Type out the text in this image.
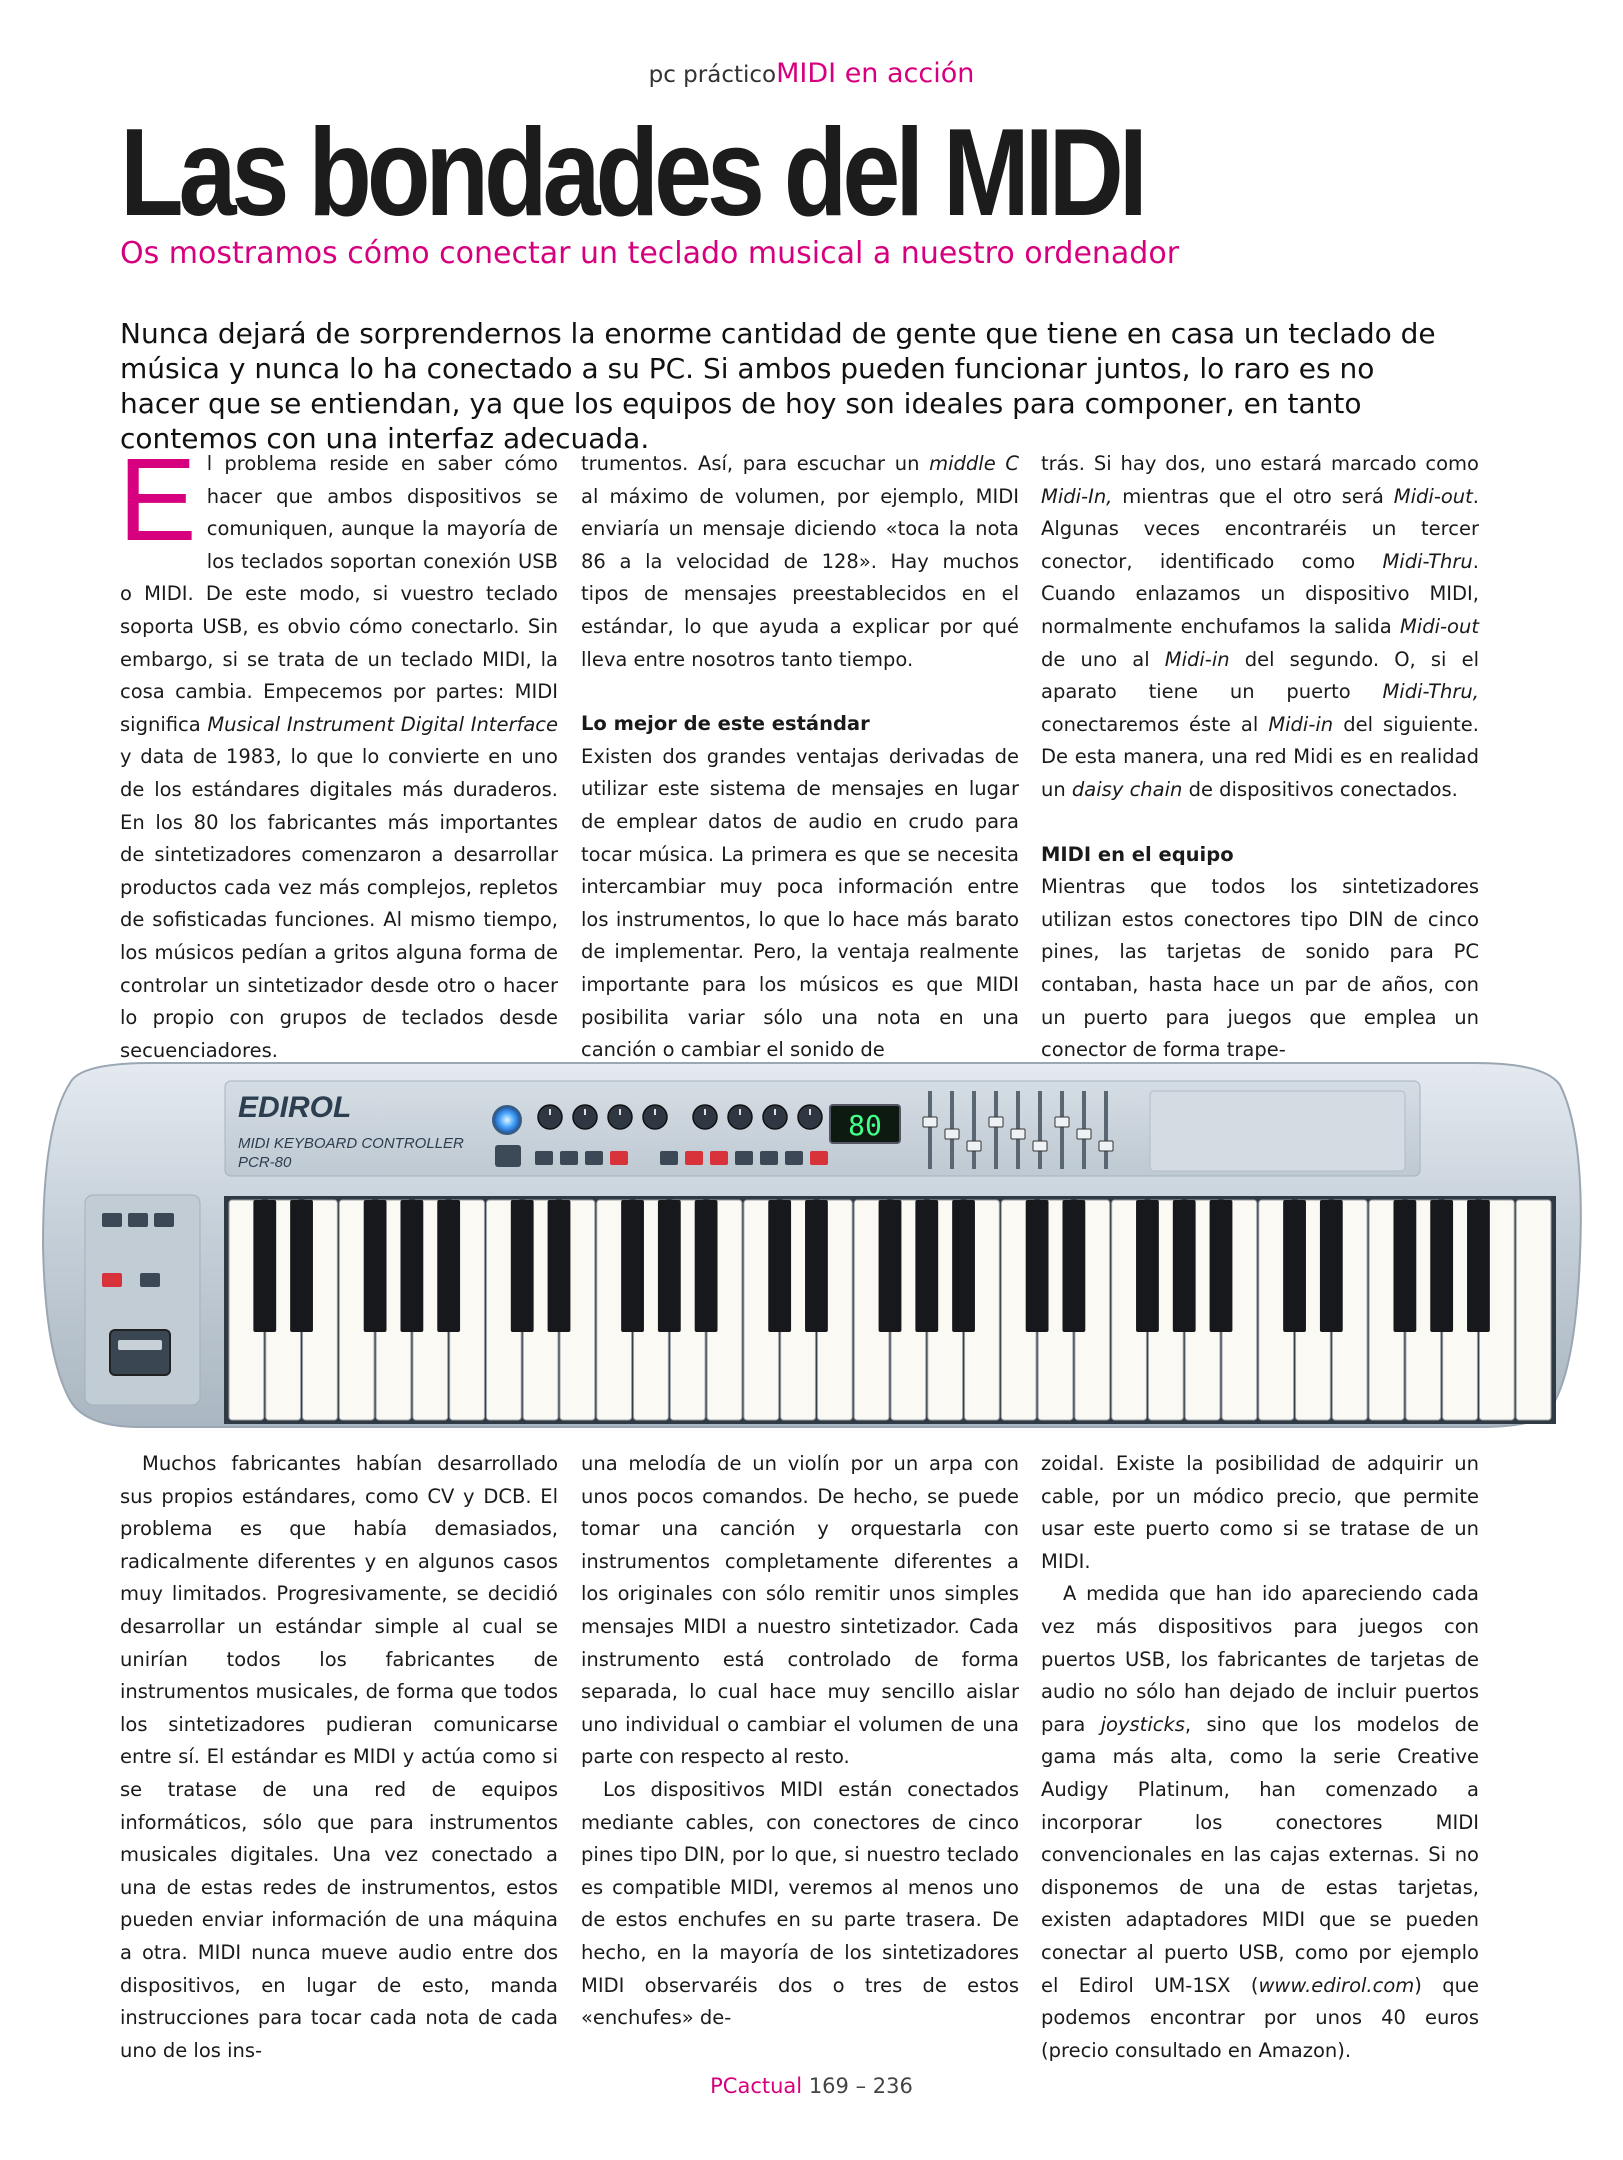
pc prácticoMIDI en acción
Las bondades del MIDI
Os mostramos cómo conectar un teclado musical a nuestro ordenador

Nunca dejará de sorprendernos la enorme cantidad de gente que tiene en casa un teclado de música y nunca lo ha conectado a su PC. Si ambos pueden funcionar juntos, lo raro es no hacer que se entiendan, ya que los equipos de hoy son ideales para componer, en tanto contemos con una interfaz adecuada.

El problema reside en saber cómo hacer que ambos dispositivos se comuniquen, aunque la mayoría de los teclados soportan conexión USB o MIDI. De este modo, si vuestro teclado soporta USB, es obvio cómo conectarlo. Sin embargo, si se trata de un teclado MIDI, la cosa cambia. Empecemos por partes: MIDI significa Musical Instrument Digital Interface y data de 1983, lo que lo convierte en uno de los estándares digitales más duraderos. En los 80 los fabricantes más importantes de sintetizadores comenzaron a desarrollar productos cada vez más complejos, repletos de sofisticadas funciones. Al mismo tiempo, los músicos pedían a gritos alguna forma de controlar un sintetizador desde otro o hacer lo propio con grupos de teclados desde secuenciadores.

trumentos. Así, para escuchar un middle C al máximo de volumen, por ejemplo, MIDI enviaría un mensaje diciendo «toca la nota 86 a la velocidad de 128». Hay muchos tipos de mensajes preestablecidos en el estándar, lo que ayuda a explicar por qué lleva entre nosotros tanto tiempo.

Lo mejor de este estándar

Existen dos grandes ventajas derivadas de utilizar este sistema de mensajes en lugar de emplear datos de audio en crudo para tocar música. La primera es que se necesita intercambiar muy poca información entre los instrumentos, lo que lo hace más barato de implementar. Pero, la ventaja realmente importante para los músicos es que MIDI posibilita variar sólo una nota en una canción o cambiar el sonido de

trás. Si hay dos, uno estará marcado como Midi-In, mientras que el otro será Midi-out. Algunas veces encontraréis un tercer conector, identificado como Midi-Thru. Cuando enlazamos un dispositivo MIDI, normalmente enchufamos la salida Midi-out de uno al Midi-in del segundo. O, si el aparato tiene un puerto Midi-Thru, conectaremos éste al Midi-in del siguiente. De esta manera, una red Midi es en realidad un daisy chain de dispositivos conectados.

MIDI en el equipo

Mientras que todos los sintetizadores utilizan estos conectores tipo DIN de cinco pines, las tarjetas de sonido para PC contaban, hasta hace un par de años, con un puerto para juegos que emplea un conector de forma trape-

EDIROL
MIDI KEYBOARD CONTROLLER
PCR-80
80

Muchos fabricantes habían desarrollado sus propios estándares, como CV y DCB. El problema es que había demasiados, radicalmente diferentes y en algunos casos muy limitados. Progresivamente, se decidió desarrollar un estándar simple al cual se unirían todos los fabricantes de instrumentos musicales, de forma que todos los sintetizadores pudieran comunicarse entre sí. El estándar es MIDI y actúa como si se tratase de una red de equipos informáticos, sólo que para instrumentos musicales digitales. Una vez conectado a una de estas redes de instrumentos, estos pueden enviar información de una máquina a otra. MIDI nunca mueve audio entre dos dispositivos, en lugar de esto, manda instrucciones para tocar cada nota de cada uno de los ins-

una melodía de un violín por un arpa con unos pocos comandos. De hecho, se puede tomar una canción y orquestarla con instrumentos completamente diferentes a los originales con sólo remitir unos simples mensajes MIDI a nuestro sintetizador. Cada instrumento está controlado de forma separada, lo cual hace muy sencillo aislar uno individual o cambiar el volumen de una parte con respecto al resto.

Los dispositivos MIDI están conectados mediante cables, con conectores de cinco pines tipo DIN, por lo que, si nuestro teclado es compatible MIDI, veremos al menos uno de estos enchufes en su parte trasera. De hecho, en la mayoría de los sintetizadores MIDI observaréis dos o tres de estos «enchufes» de-

zoidal. Existe la posibilidad de adquirir un cable, por un módico precio, que permite usar este puerto como si se tratase de un MIDI.

A medida que han ido apareciendo cada vez más dispositivos para juegos con puertos USB, los fabricantes de tarjetas de audio no sólo han dejado de incluir puertos para joysticks, sino que los modelos de gama más alta, como la serie Creative Audigy Platinum, han comenzado a incorporar los conectores MIDI convencionales en las cajas externas. Si no disponemos de una de estas tarjetas, existen adaptadores MIDI que se pueden conectar al puerto USB, como por ejemplo el Edirol UM-1SX (www.edirol.com) que podemos encontrar por unos 40 euros (precio consultado en Amazon).

PCactual 169 – 236
